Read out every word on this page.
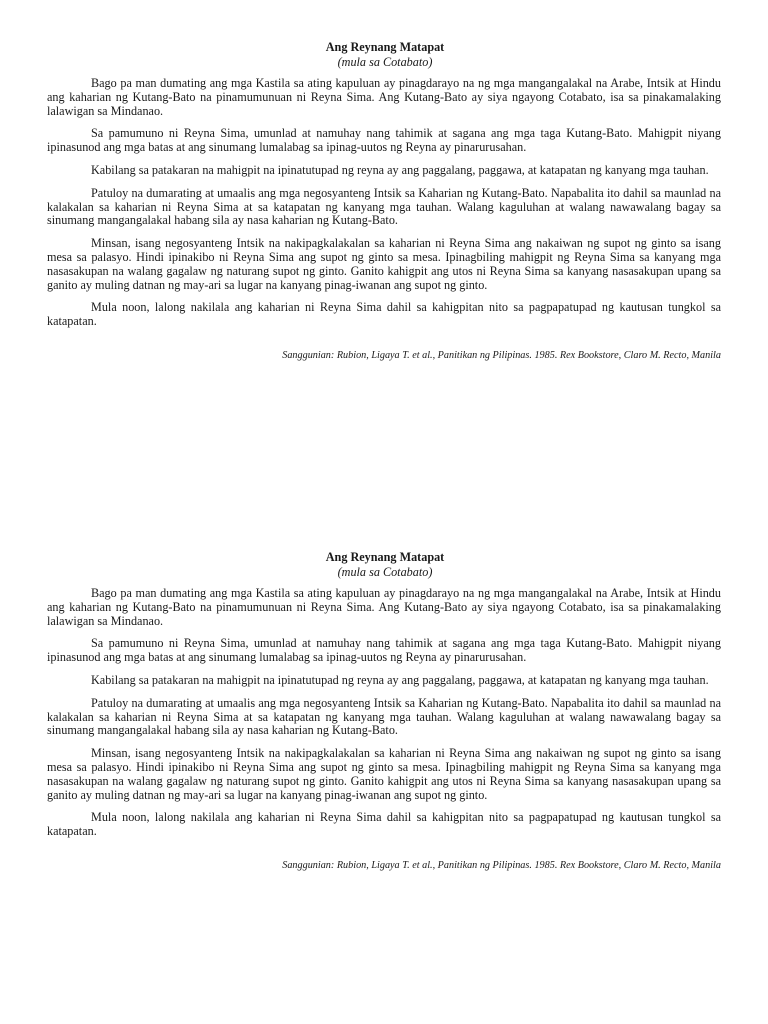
Ang Reynang Matapat

(mula sa Cotabato)

Bago pa man dumating ang mga Kastila sa ating kapuluan ay pinagdarayo na ng mga mangangalakal na Arabe, Intsik at Hindu ang kaharian ng Kutang-Bato na pinamumunuan ni Reyna Sima. Ang Kutang-Bato ay siya ngayong Cotabato, isa sa pinakamalaking lalawigan sa Mindanao.

Sa pamumuno ni Reyna Sima, umunlad at namuhay nang tahimik at sagana ang mga taga Kutang-Bato. Mahigpit niyang ipinasunod ang mga batas at ang sinumang lumalabag sa ipinag-uutos ng Reyna ay pinarurusahan.

Kabilang sa patakaran na mahigpit na ipinatutupad ng reyna ay ang paggalang, paggawa, at katapatan ng kanyang mga tauhan.

Patuloy na dumarating at umaalis ang mga negosyanteng Intsik sa Kaharian ng Kutang-Bato. Napabalita ito dahil sa maunlad na kalakalan sa kaharian ni Reyna Sima at sa katapatan ng kanyang mga tauhan. Walang kaguluhan at walang nawawalang bagay sa sinumang mangangalakal habang sila ay nasa kaharian ng Kutang-Bato.

Minsan, isang negosyanteng Intsik na nakipagkalakalan sa kaharian ni Reyna Sima ang nakaiwan ng supot ng ginto sa isang mesa sa palasyo. Hindi ipinakibo ni Reyna Sima ang supot ng ginto sa mesa. Ipinagbiling mahigpit ng Reyna Sima sa kanyang mga nasasakupan na walang gagalaw ng naturang supot ng ginto. Ganito kahigpit ang utos ni Reyna Sima sa kanyang nasasakupan upang sa ganito ay muling datnan ng may-ari sa lugar na kanyang pinag-iwanan ang supot ng ginto.

Mula noon, lalong nakilala ang kaharian ni Reyna Sima dahil sa kahigpitan nito sa pagpapatupad ng kautusan tungkol sa katapatan.

Sanggunian: Rubion, Ligaya T. et al., Panitikan ng Pilipinas. 1985. Rex Bookstore, Claro M. Recto, Manila
Ang Reynang Matapat

(mula sa Cotabato)

Bago pa man dumating ang mga Kastila sa ating kapuluan ay pinagdarayo na ng mga mangangalakal na Arabe, Intsik at Hindu ang kaharian ng Kutang-Bato na pinamumunuan ni Reyna Sima. Ang Kutang-Bato ay siya ngayong Cotabato, isa sa pinakamalaking lalawigan sa Mindanao.

Sa pamumuno ni Reyna Sima, umunlad at namuhay nang tahimik at sagana ang mga taga Kutang-Bato. Mahigpit niyang ipinasunod ang mga batas at ang sinumang lumalabag sa ipinag-uutos ng Reyna ay pinarurusahan.

Kabilang sa patakaran na mahigpit na ipinatutupad ng reyna ay ang paggalang, paggawa, at katapatan ng kanyang mga tauhan.

Patuloy na dumarating at umaalis ang mga negosyanteng Intsik sa Kaharian ng Kutang-Bato. Napabalita ito dahil sa maunlad na kalakalan sa kaharian ni Reyna Sima at sa katapatan ng kanyang mga tauhan. Walang kaguluhan at walang nawawalang bagay sa sinumang mangangalakal habang sila ay nasa kaharian ng Kutang-Bato.

Minsan, isang negosyanteng Intsik na nakipagkalakalan sa kaharian ni Reyna Sima ang nakaiwan ng supot ng ginto sa isang mesa sa palasyo. Hindi ipinakibo ni Reyna Sima ang supot ng ginto sa mesa. Ipinagbiling mahigpit ng Reyna Sima sa kanyang mga nasasakupan na walang gagalaw ng naturang supot ng ginto. Ganito kahigpit ang utos ni Reyna Sima sa kanyang nasasakupan upang sa ganito ay muling datnan ng may-ari sa lugar na kanyang pinag-iwanan ang supot ng ginto.

Mula noon, lalong nakilala ang kaharian ni Reyna Sima dahil sa kahigpitan nito sa pagpapatupad ng kautusan tungkol sa katapatan.

Sanggunian: Rubion, Ligaya T. et al., Panitikan ng Pilipinas. 1985. Rex Bookstore, Claro M. Recto, Manila
